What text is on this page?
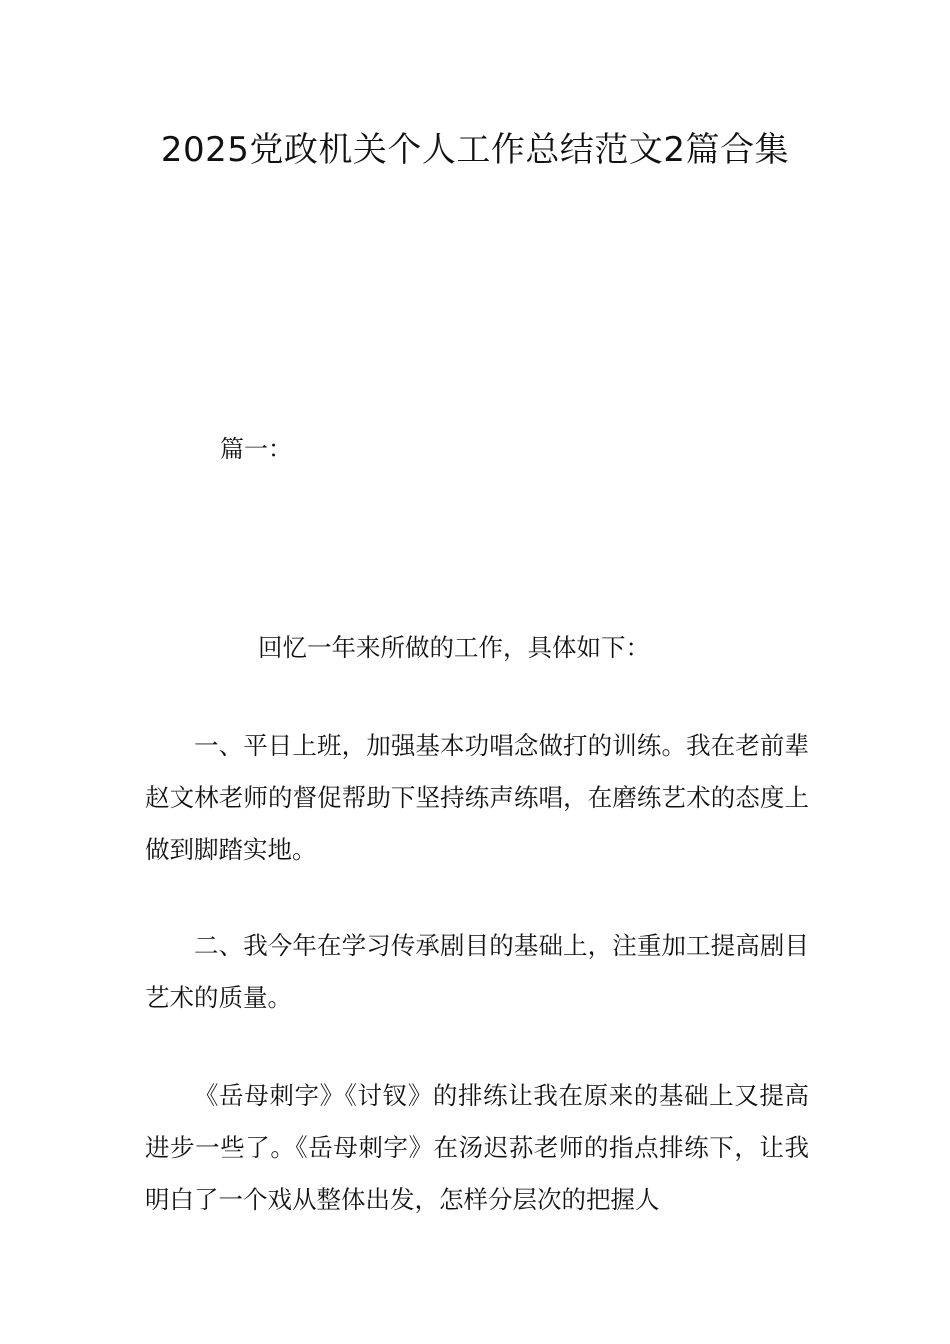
2025党政机关个人工作总结范文2篇合集

篇一：

回忆一年来所做的工作，具体如下：

一、平日上班，加强基本功唱念做打的训练。我在老前辈赵文林老师的督促帮助下坚持练声练唱，在磨练艺术的态度上做到脚踏实地。

二、我今年在学习传承剧目的基础上，注重加工提高剧目艺术的质量。

《岳母刺字》《讨钗》的排练让我在原来的基础上又提高进步一些了。《岳母刺字》在汤迟荪老师的指点排练下，让我明白了一个戏从整体出发，怎样分层次的把握人
